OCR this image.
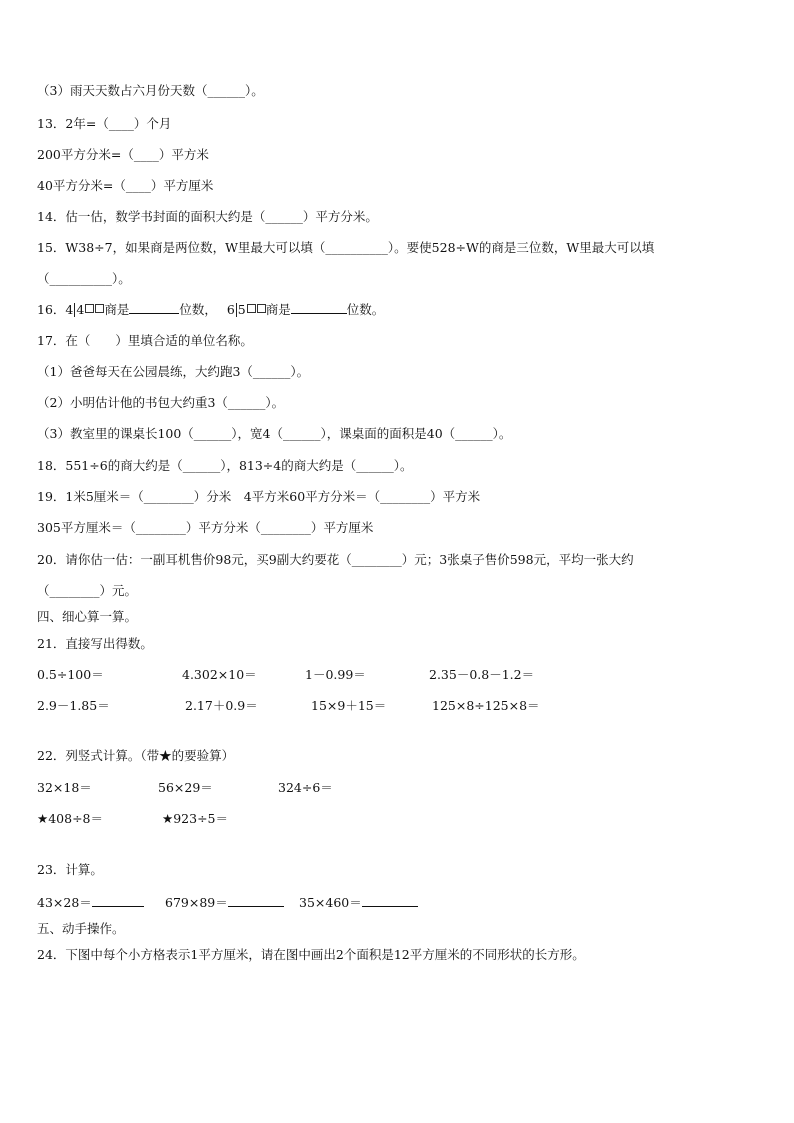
（3）雨天天数占六月份天数（______）。
13．2年=（____）个月
200平方分米=（____）平方米
40平方分米=（____）平方厘米
14．估一估，数学书封面的面积大约是（______）平方分米。
15．W38÷7，如果商是两位数，W里最大可以填（__________）。要使528÷W的商是三位数，W里最大可以填
（__________）。
16．4 4 商是	位数， 6 5 商是	位数。
17．在（　　）里填合适的单位名称。
（1）爸爸每天在公园晨练，大约跑3（______）。
（2）小明估计他的书包大约重3（______）。
（3）教室里的课桌长100（______），宽4（______），课桌面的面积是40（______）。
18．551÷6的商大约是（______），813÷4的商大约是（______）。
19．1米5厘米＝（________）分米　4平方米60平方分米＝（________）平方米
305平方厘米＝（________）平方分米（________）平方厘米
20．请你估一估：一副耳机售价98元，买9副大约要花（________）元；3张桌子售价598元，平均一张大约
（________）元。
四、细心算一算。
21．直接写出得数。
0.5÷100＝	4.302×10＝	1－0.99＝	2.35－0.8－1.2＝
2.9－1.85＝	2.17＋0.9＝	15×9＋15＝	125×8÷125×8＝
22．列竖式计算。（带★的要验算）
32×18＝	56×29＝	324÷6＝
★408÷8＝	★923÷5＝
23．计算。
43×28＝	679×89＝	35×460＝
五、动手操作。
24．下图中每个小方格表示1平方厘米，请在图中画出2个面积是12平方厘米的不同形状的长方形。
